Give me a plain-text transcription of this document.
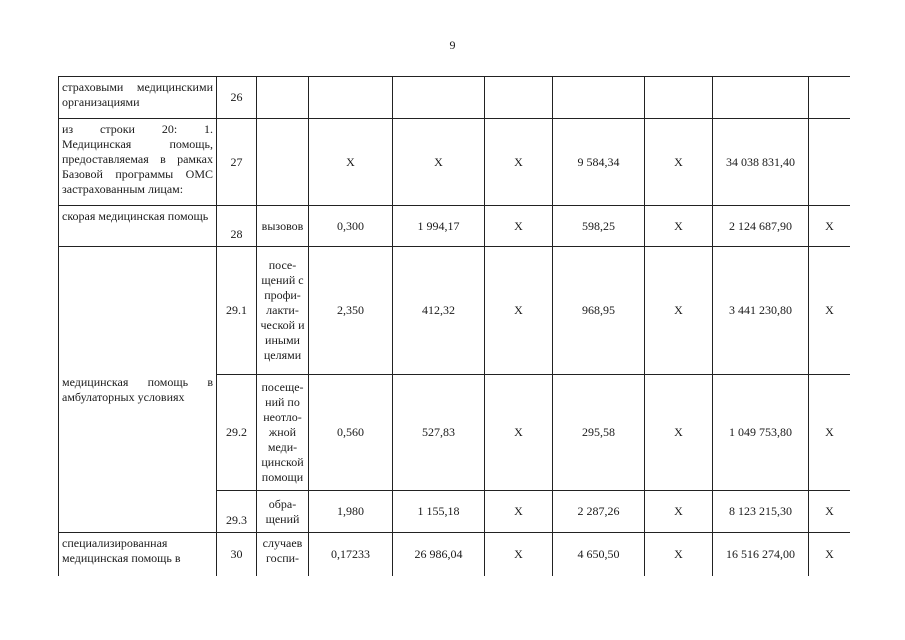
9
страховыми медицинскими организациями	26								
из строки 20: 1. Медицинская помощь, предоставляемая в рамках Базовой программы ОМС застрахованным лицам:	27		X	X	X	9 584,34	X	34 038 831,40	
скорая медицинская помощь	28	вызовов	0,300	1 994,17	X	598,25	X	2 124 687,90	X
медицинская помощь в амбулаторных условиях	29.1	посе- щений с профи- лакти- ческой и иными целями	2,350	412,32	X	968,95	X	3 441 230,80	X
	29.2	посеще- ний по неотло- жной меди- цинской помощи	0,560	527,83	X	295,58	X	1 049 753,80	X
	29.3	обра- щений	1,980	1 155,18	X	2 287,26	X	8 123 215,30	X
специализированная медицинская помощь в	30	случаев госпи-	0,17233	26 986,04	X	4 650,50	X	16 516 274,00	X
